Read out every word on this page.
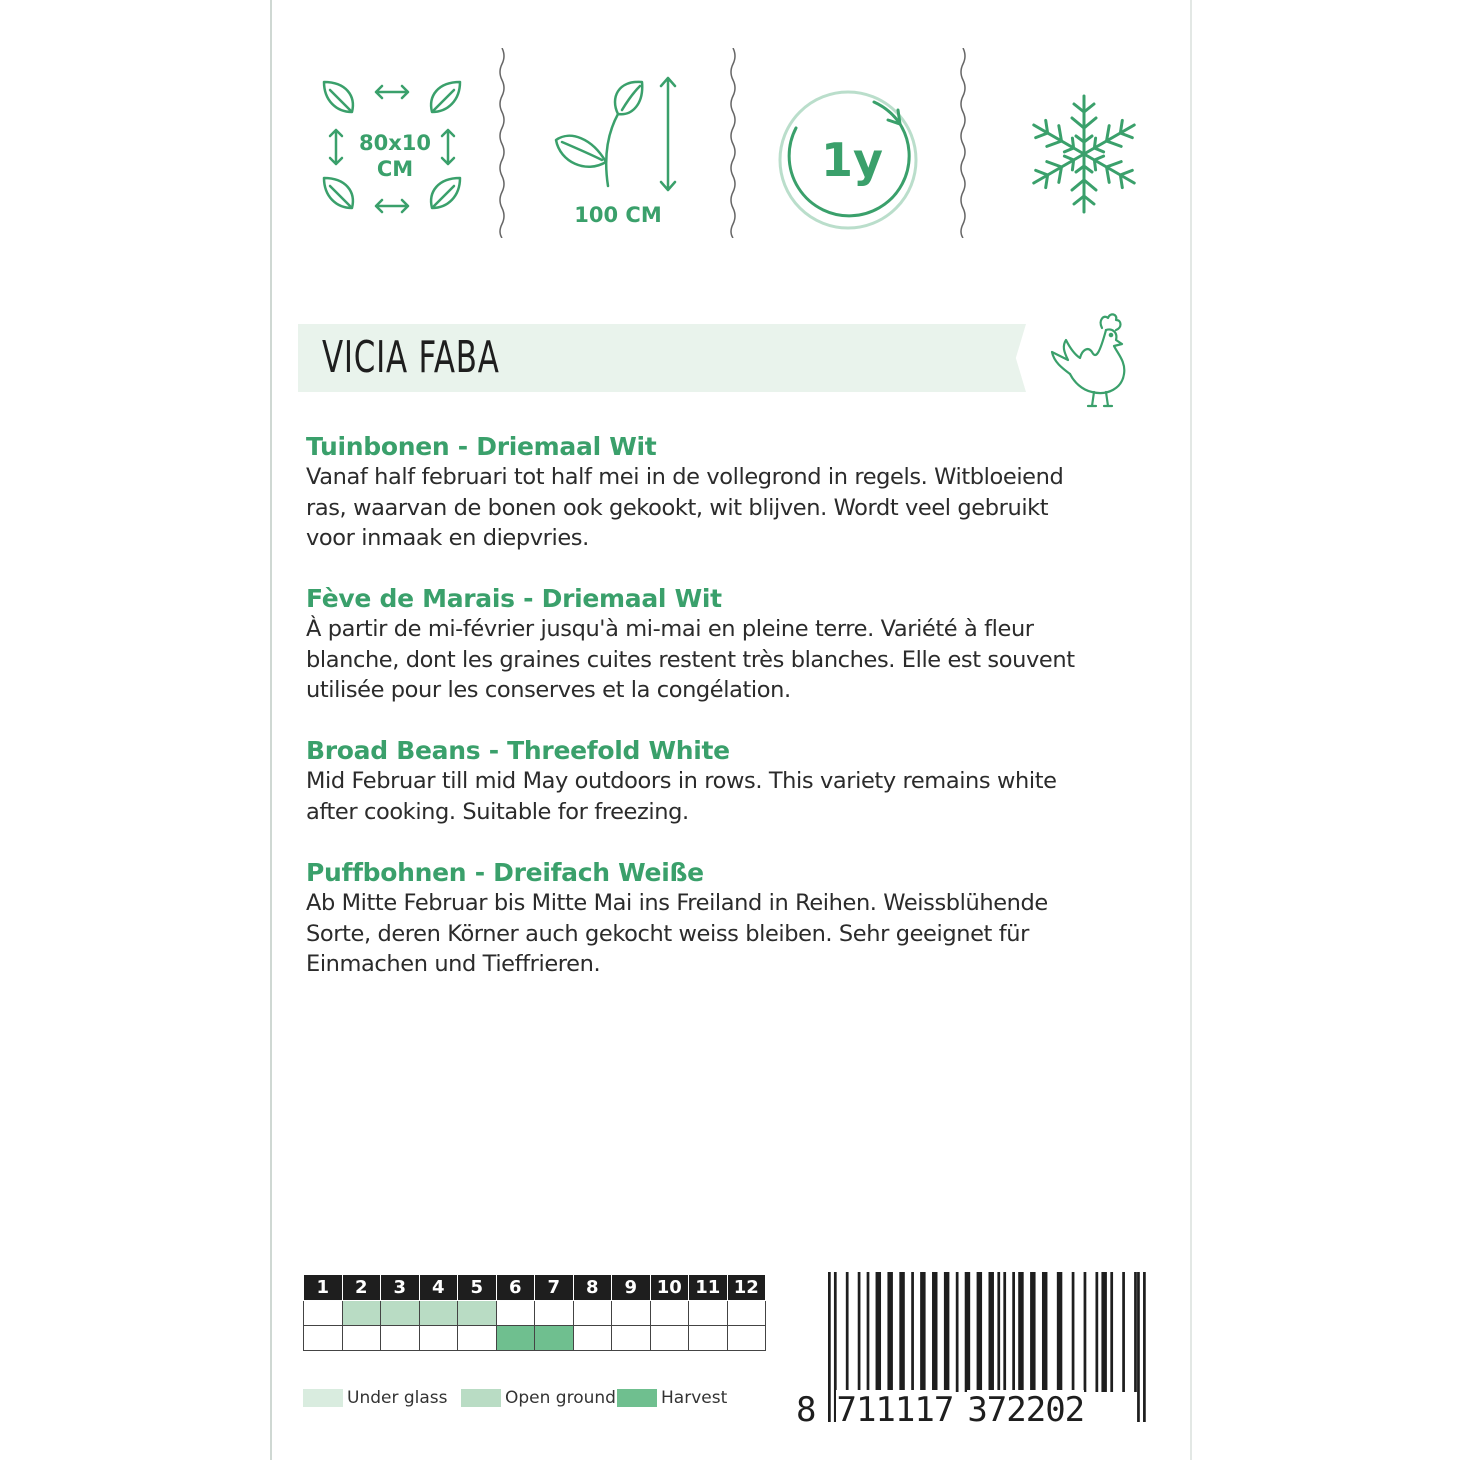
80x10
CM
100 CM
1y
VICIA FABA

Tuinbonen - Driemaal Wit

Vanaf half februari tot half mei in de vollegrond in regels. Witbloeiend

ras, waarvan de bonen ook gekookt, wit blijven. Wordt veel gebruikt

voor inmaak en diepvries.

Fève de Marais - Driemaal Wit

À partir de mi-février jusqu'à mi-mai en pleine terre. Variété à fleur

blanche, dont les graines cuites restent très blanches. Elle est souvent

utilisée pour les conserves et la congélation.

Broad Beans - Threefold White

Mid Februar till mid May outdoors in rows. This variety remains white

after cooking. Suitable for freezing.

Puffbohnen - Dreifach Weiße

Ab Mitte Februar bis Mitte Mai ins Freiland in Reihen. Weissblühende

Sorte, deren Körner auch gekocht weiss bleiben. Sehr geeignet für

Einmachen und Tieffrieren.

1	2	3	4	5	6	7	8	9	10	11	12

Under glass	Open ground	Harvest 8 711117 372202
